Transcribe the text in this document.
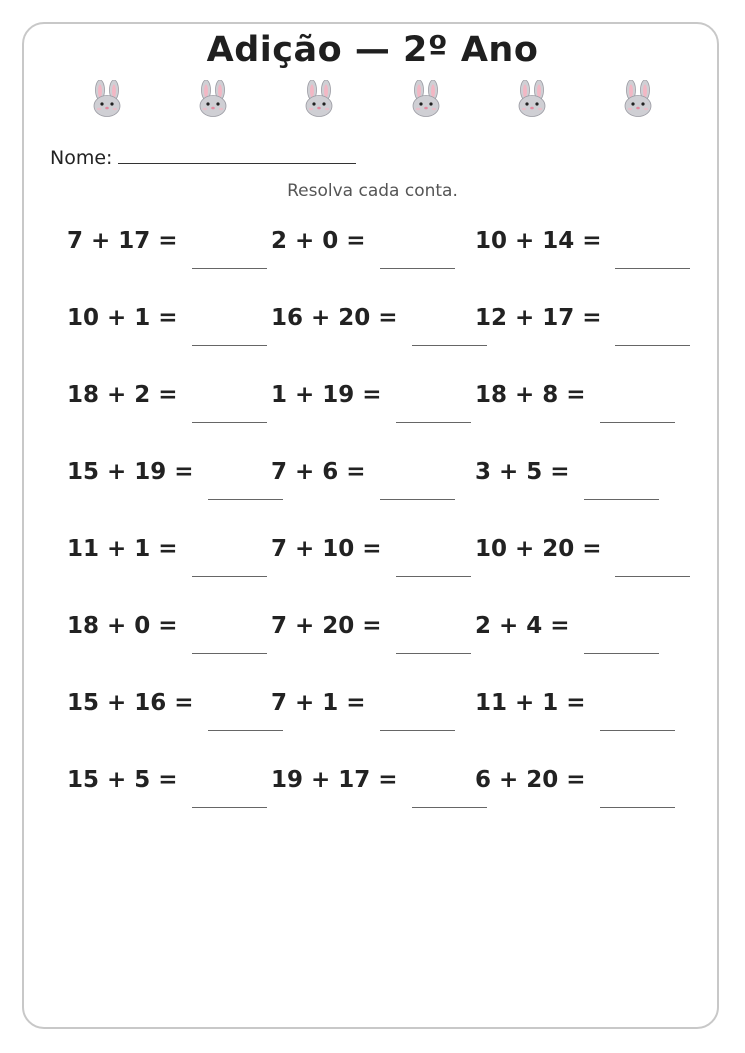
Adição — 2º Ano
Nome:
Resolva cada conta.
7 + 17 =	2 + 0 =	10 + 14 =
10 + 1 =	16 + 20 =	12 + 17 =
18 + 2 =	1 + 19 =	18 + 8 =
15 + 19 =	7 + 6 =	3 + 5 =
11 + 1 =	7 + 10 =	10 + 20 =
18 + 0 =	7 + 20 =	2 + 4 =
15 + 16 =	7 + 1 =	11 + 1 =
15 + 5 =	19 + 17 =	6 + 20 =
